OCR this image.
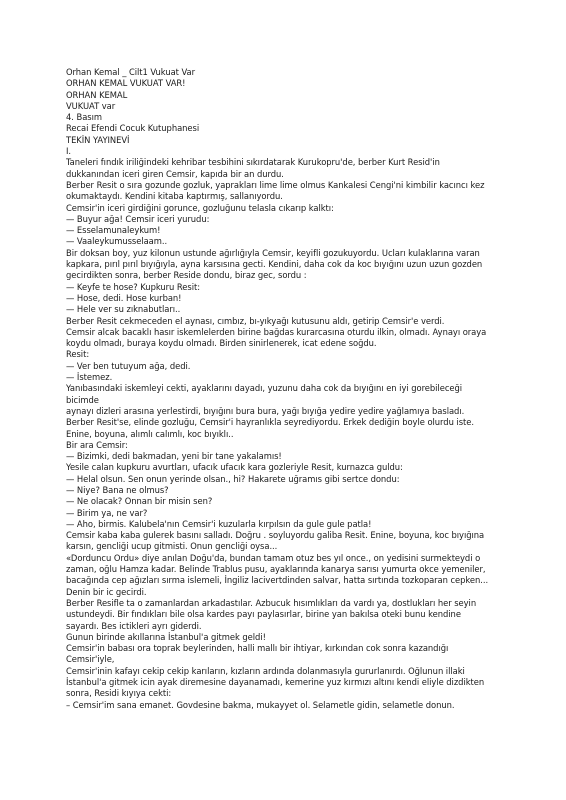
Orhan Kemal _ Cilt1 Vukuat Var
ORHAN KEMAL VUKUAT VAR!
ORHAN KEMAL
VUKUAT var
4. Basım
Recai Efendi Cocuk Kutuphanesi
TEKİN YAYINEVİ
I.
Taneleri fındık iriliğindeki kehribar tesbihini sıkırdatarak Kurukopru'de, berber Kurt Resid'in
dukkanından iceri giren Cemsir, kapıda bir an durdu.
Berber Resit o sıra gozunde gozluk, yaprakları lime lime olmus Kankalesi Cengi'ni kimbilir kacıncı kez
okumaktaydı. Kendini kitaba kaptırmış, sallanıyordu.
Cemsir'in iceri girdiğini gorunce, gozluğunu telasla cıkarıp kalktı:
— Buyur ağa! Cemsir iceri yurudu:
— Esselamunaleykum!
— Vaaleykumusselaam..
Bir doksan boy, yuz kilonun ustunde ağırlığıyla Cemsir, keyifli gozukuyordu. Ucları kulaklarına varan
kapkara, pırıl pırıl bıyığıyla, ayna karsısına gecti. Kendini, daha cok da koc bıyığını uzun uzun gozden
gecirdikten sonra, berber Reside dondu, biraz gec, sordu :
— Keyfe te hose? Kupkuru Resit:
— Hose, dedi. Hose kurban!
— Hele ver su zıknabutları..
Berber Resit cekmeceden el aynası, cımbız, bı-yıkyağı kutusunu aldı, getirip Cemsir'e verdi.
Cemsir alcak bacaklı hasır iskemlelerden birine bağdas kurarcasına oturdu ilkin, olmadı. Aynayı oraya
koydu olmadı, buraya koydu olmadı. Birden sinirlenerek, icat edene soğdu.
Resit:
— Ver ben tutuyum ağa, dedi.
— İstemez.
Yanıbasındaki iskemleyi cekti, ayaklarını dayadı, yuzunu daha cok da bıyığını en iyi gorebileceği
bicimde
aynayı dizleri arasına yerlestirdi, bıyığını bura bura, yağı bıyığa yedire yedire yağlamıya basladı.
Berber Resit'se, elinde gozluğu, Cemsir'i hayranlıkla seyrediyordu. Erkek dediğin boyle olurdu iste.
Enine, boyuna, alımlı calımlı, koc bıyıklı..
Bir ara Cemsir:
— Bizimki, dedi bakmadan, yeni bir tane yakalamıs!
Yesile calan kupkuru avurtları, ufacık ufacık kara gozleriyle Resit, kurnazca guldu:
— Helal olsun. Sen onun yerinde olsan., hi? Hakarete uğramıs gibi sertce dondu:
— Niye? Bana ne olmus?
— Ne olacak? Onnan bir misin sen?
— Birim ya, ne var?
— Aho, birmis. Kalubela'nın Cemsir'i kuzularla kırpılsın da gule gule patla!
Cemsir kaba kaba gulerek basını salladı. Doğru . soyluyordu galiba Resit. Enine, boyuna, koc bıyığına
karsın, gencliği ucup gitmisti. Onun gencliği oysa...
«Dorduncu Ordu» diye anılan Doğu'da, bundan tamam otuz bes yıl once., on yedisini surmekteydi o
zaman, oğlu Hamza kadar. Belinde Trablus pusu, ayaklarında kanarya sarısı yumurta okce yemeniler,
bacağında cep ağızları sırma islemeli, İngiliz lacivertdinden salvar, hatta sırtında tozkoparan cepken...
Denin bir ic gecirdi.
Berber Resifle ta o zamanlardan arkadastılar. Azbucuk hısımlıkları da vardı ya, dostlukları her seyin
ustundeydi. Bir fındıkları bile olsa kardes payı paylasırlar, birine yan bakılsa oteki bunu kendine
sayardı. Bes ictikleri ayrı giderdi.
Gunun birinde akıllarına İstanbul'a gitmek geldi!
Cemsir'in babası ora toprak beylerinden, halli mallı bir ihtiyar, kırkından cok sonra kazandığı
Cemsir'iyle,
Cemsir'inin kafayı cekip cekip karıların, kızların ardında dolanmasıyla gururlanırdı. Oğlunun illaki
İstanbul'a gitmek icin ayak diremesine dayanamadı, kemerine yuz kırmızı altını kendi eliyle dizdikten
sonra, Residi kıyıya cekti:
– Cemsir'im sana emanet. Govdesine bakma, mukayyet ol. Selametle gidin, selametle donun.
